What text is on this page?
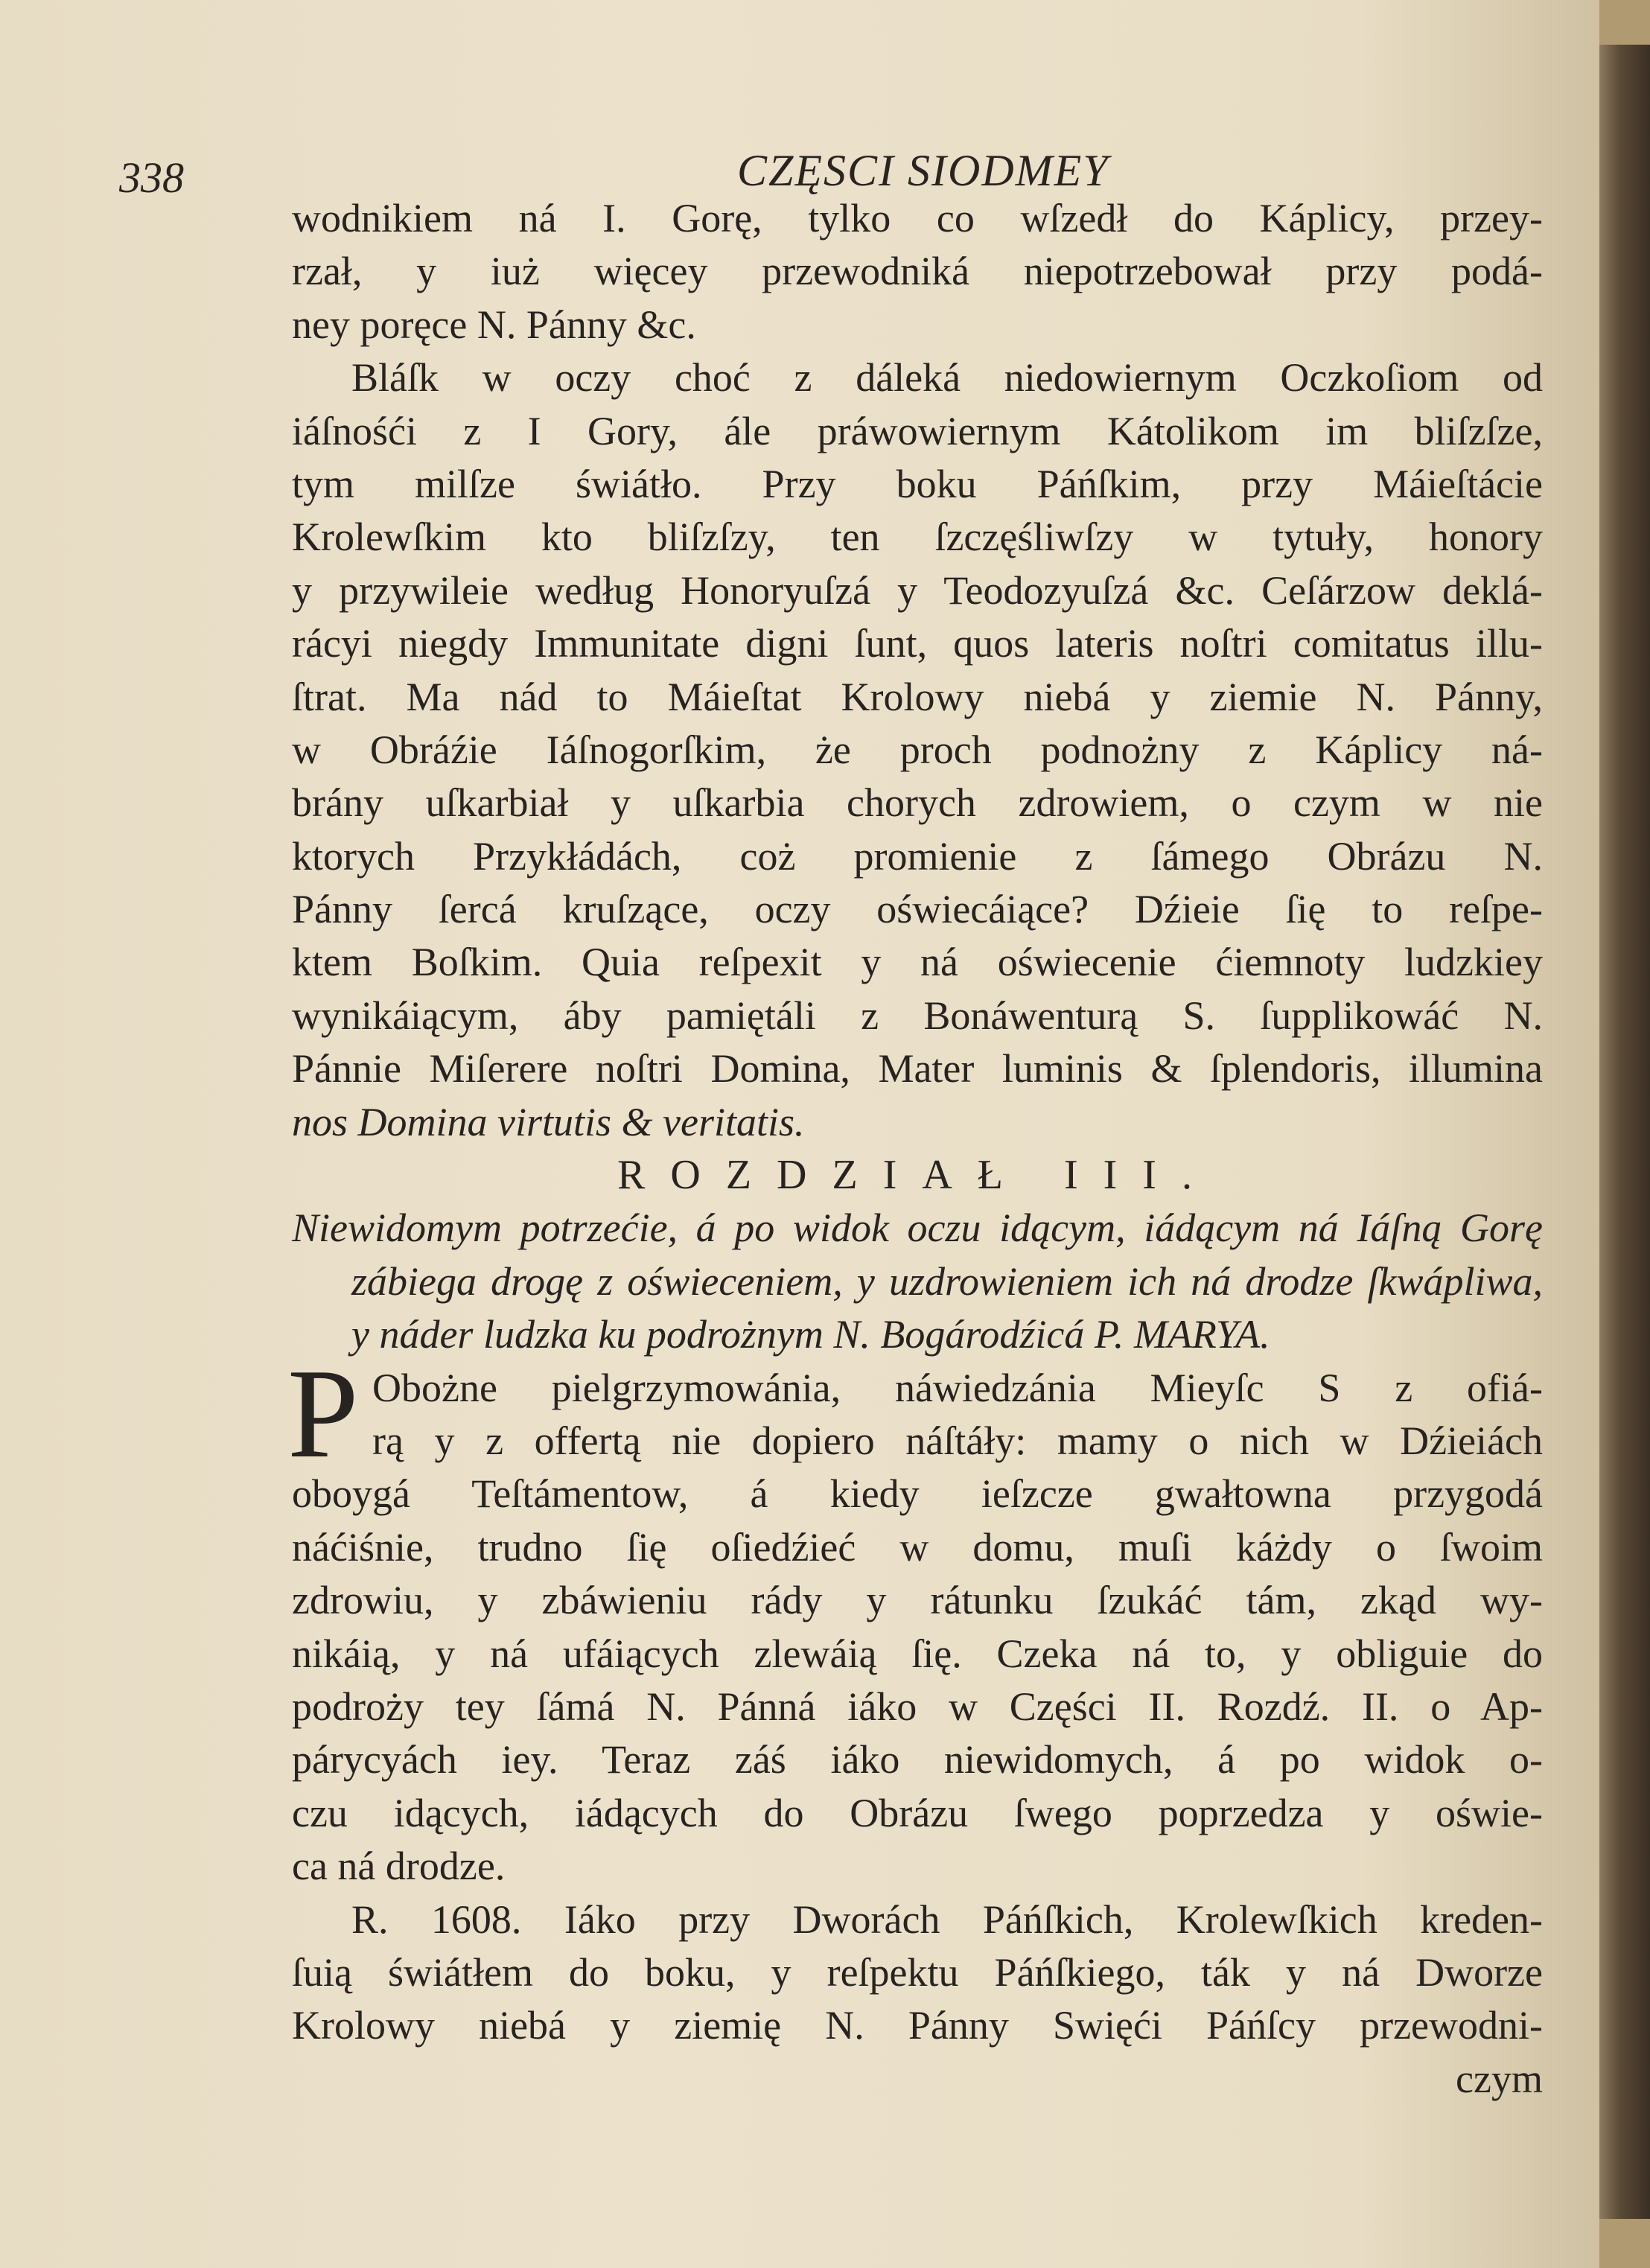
338	CZĘSCI SIODMEY
wodnikiem ná I. Gorę, tylko co wſzedł do Káplicy, przey-
rzał, y iuż więcey przewodniká niepotrzebował przy podá-
ney poręce N. Pánny &c.
Bláſk w oczy choć z dáleká niedowiernym Oczkoſiom od
iáſnośći z I Gory, ále práwowiernym Kátolikom im bliſzſze,
tym milſze świátło. Przy boku Páńſkim, przy Máieſtácie
Krolewſkim kto bliſzſzy, ten ſzczęśliwſzy w tytuły, honory
y przywileie według Honoryuſzá y Teodozyuſzá &c. Ceſárzow deklá-
rácyi niegdy Immunitate digni ſunt, quos lateris noſtri comitatus illu-
ſtrat. Ma nád to Máieſtat Krolowy niebá y ziemie N. Pánny,
w Obráźie Iáſnogorſkim, że proch podnożny z Káplicy ná-
brány uſkarbiał y uſkarbia chorych zdrowiem, o czym w nie
ktorych Przykłádách, coż promienie z ſámego Obrázu N.
Pánny ſercá kruſzące, oczy oświecáiące? Dźieie ſię to reſpe-
ktem Boſkim. Quia reſpexit y ná oświecenie ćiemnoty ludzkiey
wynikáiącym, áby pamiętáli z Bonáwenturą S. ſupplikowáć N.
Pánnie Miſerere noſtri Domina, Mater luminis & ſplendoris, illumina
nos Domina virtutis & veritatis.
ROZDZIAŁ III.
Niewidomym potrzećie, á po widok oczu idącym, iádącym ná Iáſną Gorę
zábiega drogę z oświeceniem, y uzdrowieniem ich ná drodze ſkwápliwa,
y náder ludzka ku podrożnym N. Bogárodźicá P. MARYA.
P Obożne pielgrzymowánia, náwiedzánia Mieyſc S z ofiá-
rą y z offertą nie dopiero náſtáły: mamy o nich w Dźieiách
oboygá Teſtámentow, á kiedy ieſzcze gwałtowna przygodá
náćiśnie, trudno ſię oſiedźieć w domu, muſi káżdy o ſwoim
zdrowiu, y zbáwieniu rády y rátunku ſzukáć tám, zkąd wy-
nikáią, y ná ufáiących zlewáią ſię. Czeka ná to, y obliguie do
podroży tey ſámá N. Pánná iáko w Części II. Rozdź. II. o Ap-
párycyách iey. Teraz záś iáko niewidomych, á po widok o-
czu idących, iádących do Obrázu ſwego poprzedza y oświe-
ca ná drodze.
R. 1608. Iáko przy Dworách Páńſkich, Krolewſkich kreden-
ſuią świátłem do boku, y reſpektu Páńſkiego, ták y ná Dworze
Krolowy niebá y ziemię N. Pánny Swięći Páńſcy przewodni-
czym
